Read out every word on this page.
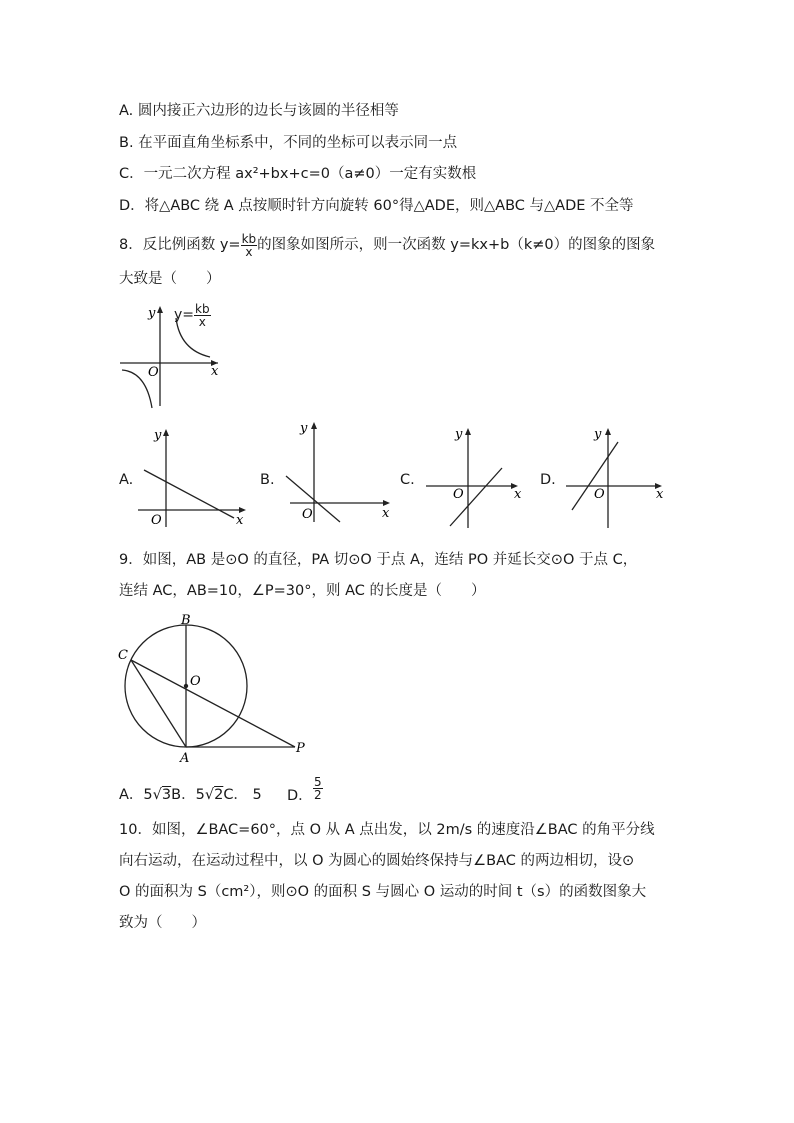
A. 圆内接正六边形的边长与该圆的半径相等
B. 在平面直角坐标系中，不同的坐标可以表示同一点
C．一元二次方程 ax²+bx+c=0（a≠0）一定有实数根
D．将△ABC 绕 A 点按顺时针方向旋转 60°得△ADE，则△ABC 与△ADE 不全等
8．反比例函数 $y= \frac{kb}{x}$ 的图象如图所示，则一次函数 y=kx+b（k≠0）的图象的图象
大致是（　　）
y
O	x
$y= \frac{kb}{x}$
A.
y
O	x
B.
y
O	x
C.
y
O	x
D.
y
O	x
9．如图，AB 是⊙O 的直径，PA 切⊙O 于点 A，连结 PO 并延长交⊙O 于点 C，
连结 AC，AB=10，∠P=30°，则 AC 的长度是（　　）
B
C
O
A
P
A．5√3B．5√2C． 5 D． $\frac{5}{2}$
10．如图，∠BAC=60°，点 O 从 A 点出发，以 2m/s 的速度沿∠BAC 的角平分线
向右运动，在运动过程中，以 O 为圆心的圆始终保持与∠BAC 的两边相切，设⊙
O 的面积为 S（cm²），则⊙O 的面积 S 与圆心 O 运动的时间 t（s）的函数图象大
致为（　　）
